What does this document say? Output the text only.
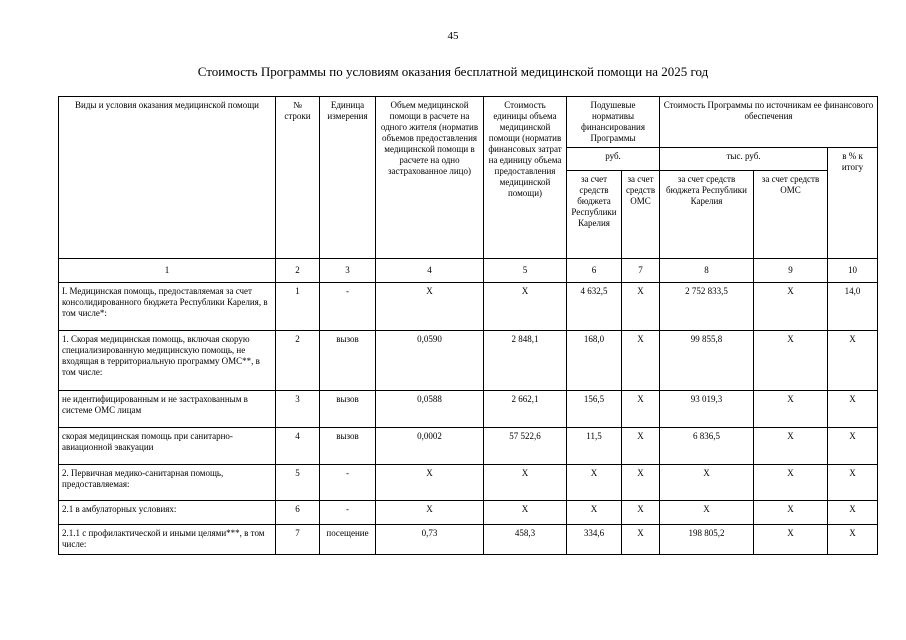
45
Стоимость Программы по условиям оказания бесплатной медицинской помощи на 2025 год
Виды и условия оказания медицинской помощи	№ строки	Единица измерения	Объем медицинской помощи в расчете на одного жителя (норматив объемов предоставления медицинской помощи в расчете на одно застрахованное лицо)	Стоимость единицы объема медицинской помощи (норматив финансовых затрат на единицу объема предоставления медицинской помощи)	Подушевые нормативы финансирования Программы		Стоимость Программы по источникам ее финансового обеспечения		
					руб.		тыс. руб.		в % к итогу
					за счет средств бюджета Республики Карелия	за счет средств ОМС	за счет средств бюджета Республики Карелия	за счет средств ОМС	
1	2	3	4	5	6	7	8	9	10
I. Медицинская помощь, предоставляемая за счет консолидированного бюджета Республики Карелия, в том числе*:	1	-	X	X	4 632,5	X	2 752 833,5	X	14,0
1. Скорая медицинская помощь, включая скорую специализированную медицинскую помощь, не входящая в территориальную программу ОМС**, в том числе:	2	вызов	0,0590	2 848,1	168,0	X	99 855,8	X	X
не идентифицированным и не застрахованным в системе ОМС лицам	3	вызов	0,0588	2 662,1	156,5	X	93 019,3	X	X
скорая медицинская помощь при санитарно-авиационной эвакуации	4	вызов	0,0002	57 522,6	11,5	X	6 836,5	X	X
2. Первичная медико-санитарная помощь, предоставляемая:	5	-	X	X	X	X	X	X	X
2.1 в амбулаторных условиях:	6	-	X	X	X	X	X	X	X
2.1.1 с профилактической и иными целями***, в том числе:	7	посещение	0,73	458,3	334,6	X	198 805,2	X	X
